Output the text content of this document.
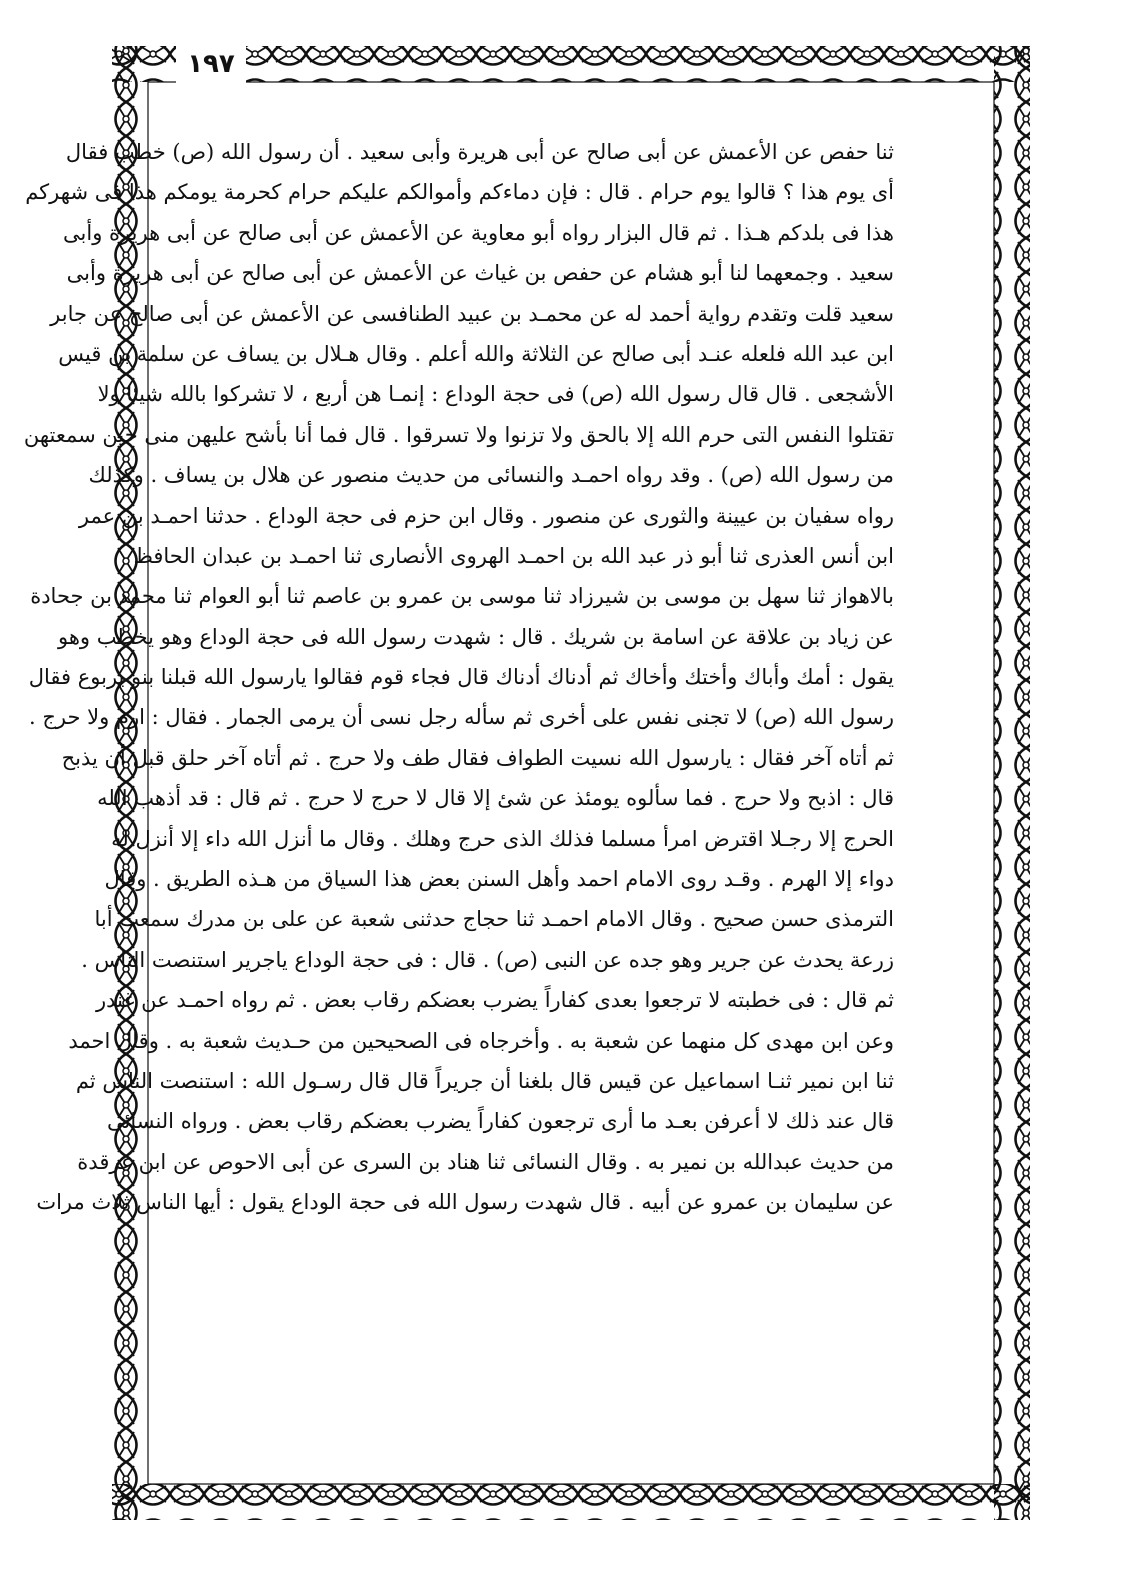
١٩٧
ثنا حفص عن الأعمش عن أبى صالح عن أبى هريرة وأبى سعيد . أن رسول الله (ص) خطب فقال
أى يوم هذا ؟ قالوا يوم حرام . قال : فإن دماءكم وأموالكم عليكم حرام كحرمة يومكم هذا فى شهركم
هذا فى بلدكم هـذا . ثم قال البزار رواه أبو معاوية عن الأعمش عن أبى صالح عن أبى هريرة وأبى
سعيد . وجمعهما لنا أبو هشام عن حفص بن غياث عن الأعمش عن أبى صالح عن أبى هريرة وأبى
سعيد قلت وتقدم رواية أحمد له عن محمـد بن عبيد الطنافسى عن الأعمش عن أبى صالح عن جابر
ابن عبد الله فلعله عنـد أبى صالح عن الثلاثة والله أعلم . وقال هـلال بن يساف عن سلمة بن قيس
الأشجعى . قال قال رسول الله (ص) فى حجة الوداع : إنمـا هن أربع ، لا تشركوا بالله شيئا ولا
تقتلوا النفس التى حرم الله إلا بالحق ولا تزنوا ولا تسرقوا . قال فما أنا بأشح عليهن منى حين سمعتهن
من رسول الله (ص) . وقد رواه احمـد والنسائى من حديث منصور عن هلال بن يساف . وكذلك
رواه سفيان بن عيينة والثورى عن منصور . وقال ابن حزم فى حجة الوداع . حدثنا احمـد بن عمر
ابن أنس العذرى ثنا أبو ذر عبد الله بن احمـد الهروى الأنصارى ثنا احمـد بن عبدان الحافظ
بالاهواز ثنا سهل بن موسى بن شيرزاد ثنا موسى بن عمرو بن عاصم ثنا أبو العوام ثنا محمد بن جحادة
عن زياد بن علاقة عن اسامة بن شريك . قال : شهدت رسول الله فى حجة الوداع وهو يخطب وهو
يقول : أمك وأباك وأختك وأخاك ثم أدناك أدناك قال فجاء قوم فقالوا يارسول الله قبلنا بنو يربوع فقال
رسول الله (ص) لا تجنى نفس على أخرى ثم سأله رجل نسى أن يرمى الجمار . فقال : ارم ولا حرج .
ثم أتاه آخر فقال : يارسول الله نسيت الطواف فقال طف ولا حرج . ثم أتاه آخر حلق قبل أن يذبح
قال : اذبح ولا حرج . فما سألوه يومئذ عن شئ إلا قال لا حرج لا حرج . ثم قال : قد أذهب الله
الحرج إلا رجـلا اقترض امرأ مسلما فذلك الذى حرج وهلك . وقال ما أنزل الله داء إلا أنزل له
دواء إلا الهرم . وقـد روى الامام احمد وأهل السنن بعض هذا السياق من هـذه الطريق . وقال
الترمذى حسن صحيح . وقال الامام احمـد ثنا حجاج حدثنى شعبة عن على بن مدرك سمعت أبا
زرعة يحدث عن جرير وهو جده عن النبى (ص) . قال : فى حجة الوداع ياجرير استنصت الناس .
ثم قال : فى خطبته لا ترجعوا بعدى كفاراً يضرب بعضكم رقاب بعض . ثم رواه احمـد عن غندر
وعن ابن مهدى كل منهما عن شعبة به . وأخرجاه فى الصحيحين من حـديث شعبة به . وقال احمد
ثنا ابن نمير ثنـا اسماعيل عن قيس قال بلغنا أن جريراً قال قال رسـول الله : استنصت الناس ثم
قال عند ذلك لا أعرفن بعـد ما أرى ترجعون كفاراً يضرب بعضكم رقاب بعض . ورواه النسائى
من حديث عبدالله بن نمير به . وقال النسائى ثنا هناد بن السرى عن أبى الاحوص عن ابن غرقدة
عن سليمان بن عمرو عن أبيه . قال شهدت رسول الله فى حجة الوداع يقول : أيها الناس ثلاث مرات
